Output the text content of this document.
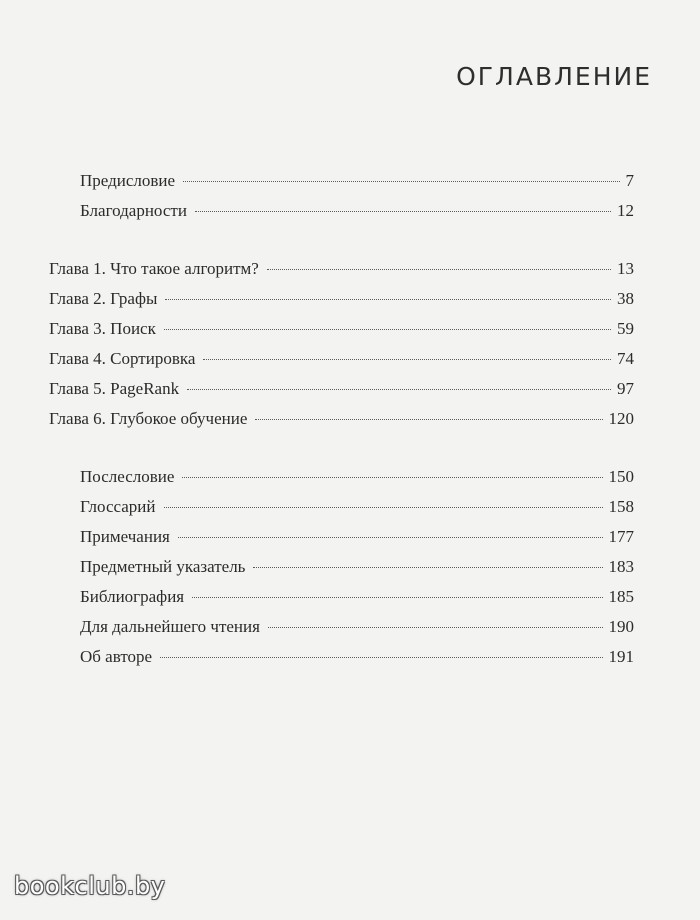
ОГЛАВЛЕНИЕ
Предисловие	7
Благодарности	12
Глава 1. Что такое алгоритм?	13
Глава 2. Графы	38
Глава 3. Поиск	59
Глава 4. Сортировка	74
Глава 5. PageRank	97
Глава 6. Глубокое обучение	120
Послесловие	150
Глоссарий	158
Примечания	177
Предметный указатель	183
Библиография	185
Для дальнейшего чтения	190
Об авторе	191
bookclub.by
